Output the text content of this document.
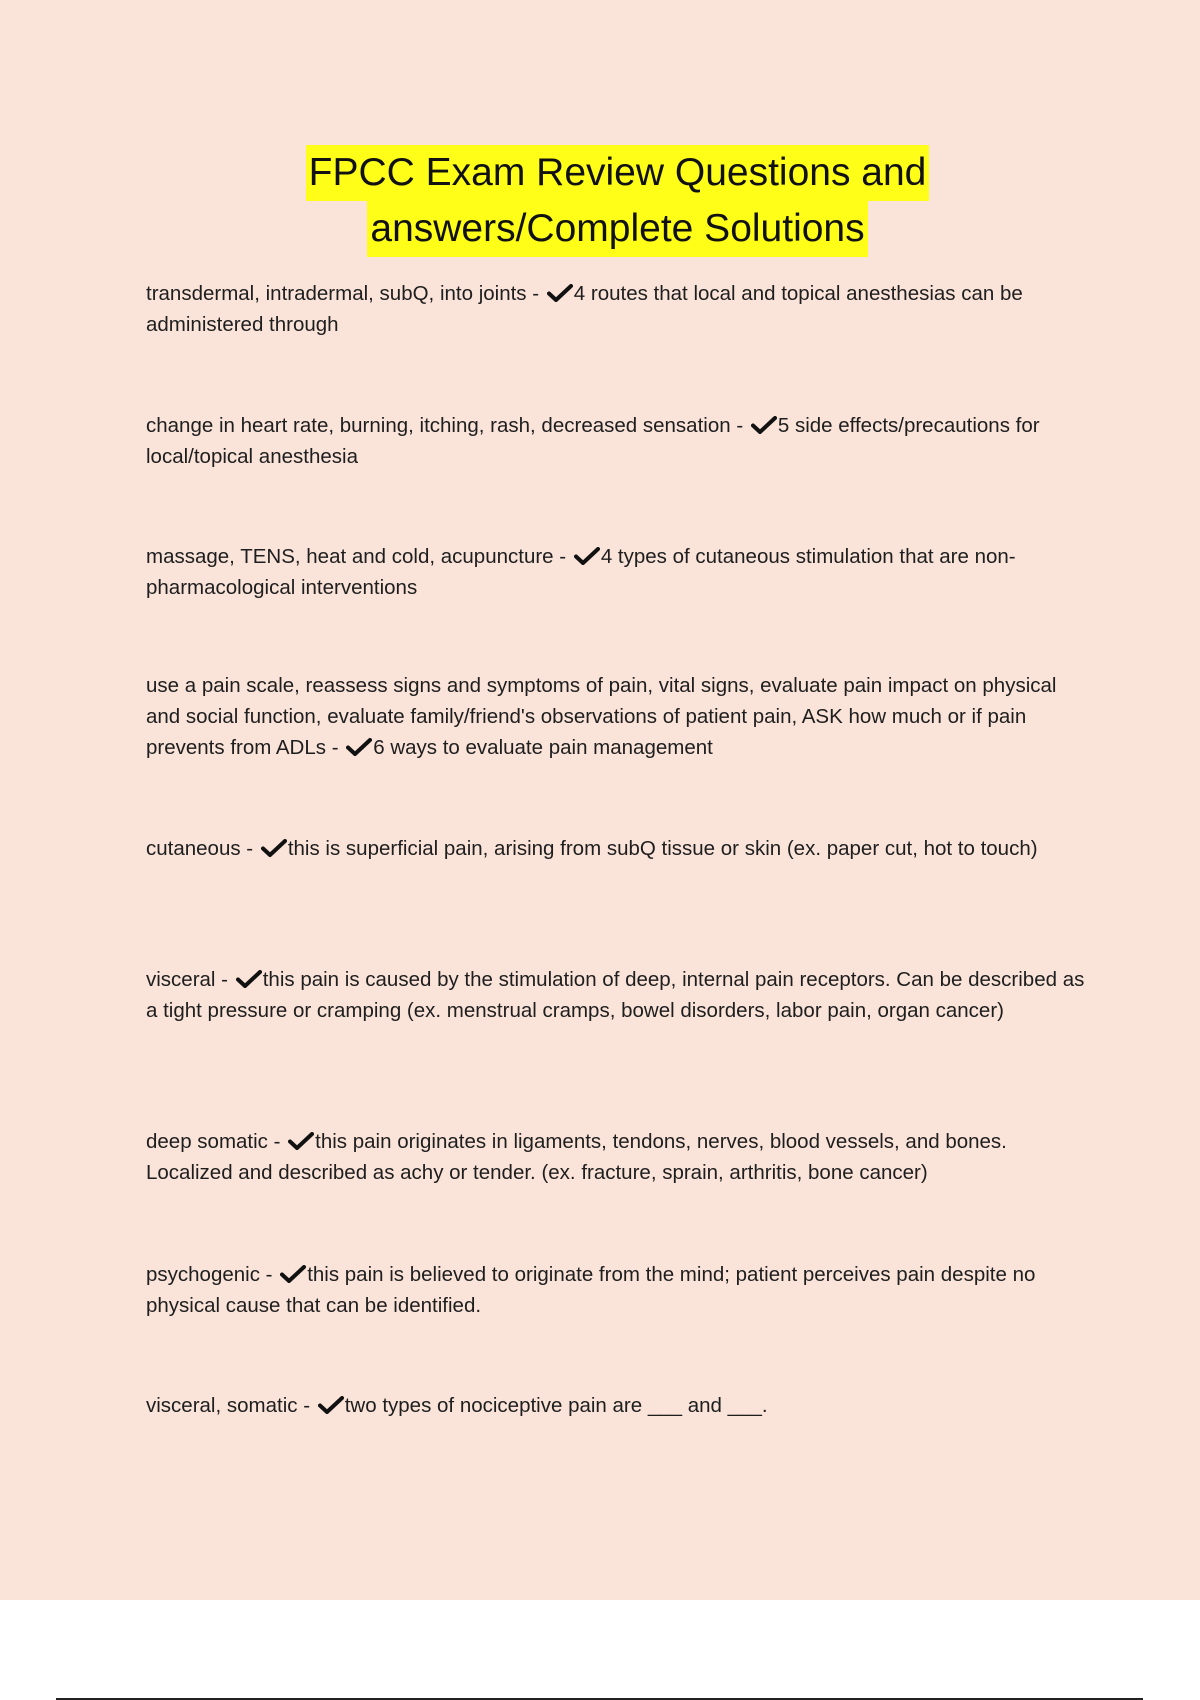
FPCC Exam Review Questions and
answers/Complete Solutions
transdermal, intradermal, subQ, into joints - 4 routes that local and topical anesthesias can be administered through
change in heart rate, burning, itching, rash, decreased sensation - 5 side effects/precautions for local/topical anesthesia
massage, TENS, heat and cold, acupuncture - 4 types of cutaneous stimulation that are non-pharmacological interventions
use a pain scale, reassess signs and symptoms of pain, vital signs, evaluate pain impact on physical and social function, evaluate family/friend's observations of patient pain, ASK how much or if pain prevents from ADLs - 6 ways to evaluate pain management
cutaneous - this is superficial pain, arising from subQ tissue or skin (ex. paper cut, hot to touch)
visceral - this pain is caused by the stimulation of deep, internal pain receptors. Can be described as a tight pressure or cramping (ex. menstrual cramps, bowel disorders, labor pain, organ cancer)
deep somatic - this pain originates in ligaments, tendons, nerves, blood vessels, and bones. Localized and described as achy or tender. (ex. fracture, sprain, arthritis, bone cancer)
psychogenic - this pain is believed to originate from the mind; patient perceives pain despite no physical cause that can be identified.
visceral, somatic - two types of nociceptive pain are ___ and ___.
